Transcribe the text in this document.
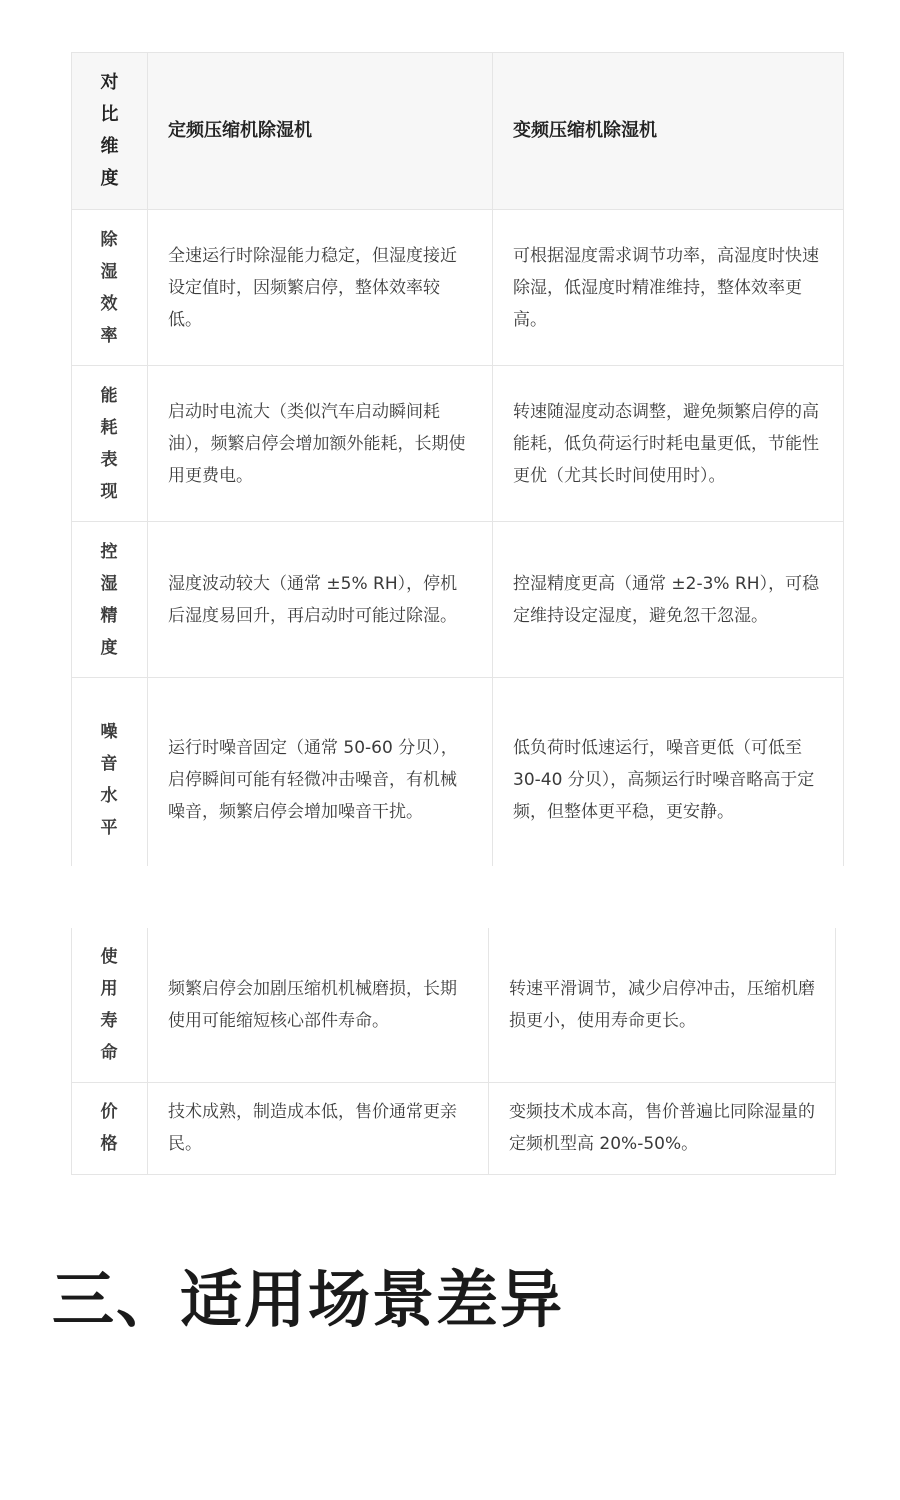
对比维度	定频压缩机除湿机	变频压缩机除湿机

除湿效率	全速运行时除湿能力稳定，但湿度接近设定值时，因频繁启停，整体效率较低。	可根据湿度需求调节功率，高湿度时快速除湿，低湿度时精准维持，整体效率更高。

能耗表现	启动时电流大（类似汽车启动瞬间耗油），频繁启停会增加额外能耗，长期使用更费电。	转速随湿度动态调整，避免频繁启停的高能耗，低负荷运行时耗电量更低，节能性更优（尤其长时间使用时）。

控湿精度	湿度波动较大（通常 ±5% RH），停机后湿度易回升，再启动时可能过除湿。	控湿精度更高（通常 ±2-3% RH），可稳定维持设定湿度，避免忽干忽湿。

噪音水平	运行时噪音固定（通常 50-60 分贝），启停瞬间可能有轻微冲击噪音，有机械噪音，频繁启停会增加噪音干扰。	低负荷时低速运行，噪音更低（可低至 30-40 分贝），高频运行时噪音略高于定频，但整体更平稳，更安静。
使用寿命	频繁启停会加剧压缩机机械磨损，长期使用可能缩短核心部件寿命。	转速平滑调节，减少启停冲击，压缩机磨损更小，使用寿命更长。

价格	技术成熟，制造成本低，售价通常更亲民。	变频技术成本高，售价普遍比同除湿量的定频机型高 20%-50%。
三、适用场景差异
